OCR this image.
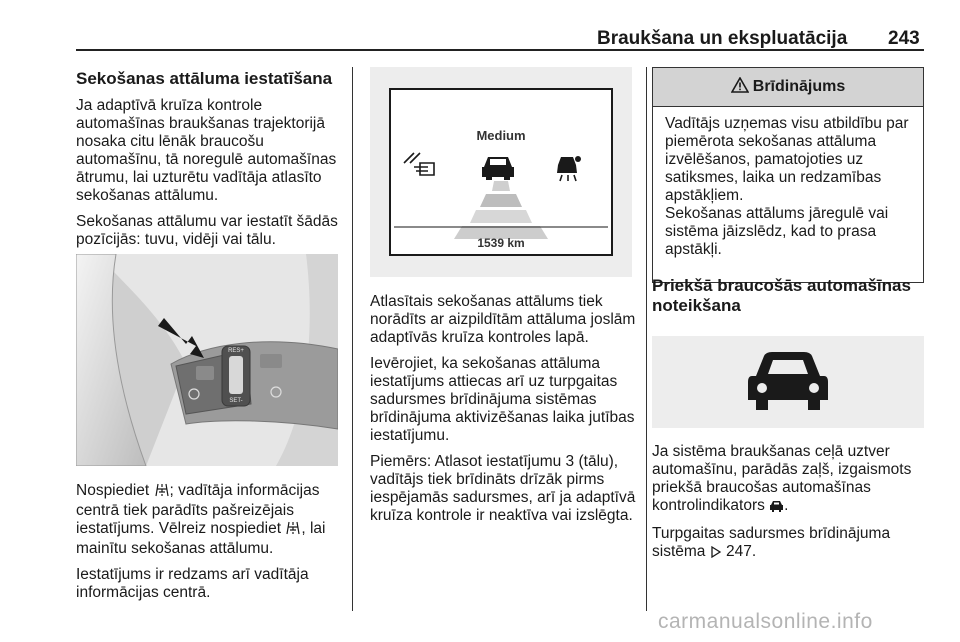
Braukšana un ekspluatācija 243
Sekošanas attāluma iestatīšana

Ja adaptīvā kruīza kontrole automašīnas braukšanas trajektorijā nosaka citu lēnāk braucošu automašīnu, tā noregulē automašīnas ātrumu, lai uzturētu vadītāja atlasīto sekošanas attālumu.

Sekošanas attālumu var iestatīt šādās pozīcijās: tuvu, vidēji vai tālu.

RES+
SET-

Nospiediet ; vadītāja informācijas centrā tiek parādīts pašreizējais iestatījums. Vēlreiz nospiediet , lai mainītu sekošanas attālumu.

Iestatījums ir redzams arī vadītāja informācijas centrā.

Medium
1539 km

Atlasītais sekošanas attālums tiek norādīts ar aizpildītām attāluma joslām adaptīvās kruīza kontroles lapā.

Ievērojiet, ka sekošanas attāluma iestatījums attiecas arī uz turpgaitas sadursmes brīdinājuma sistēmas brīdinājuma aktivizēšanas laika jutības iestatījumu.

Piemērs: Atlasot iestatījumu 3 (tālu), vadītājs tiek brīdināts drīzāk pirms iespējamās sadursmes, arī ja adaptīvā kruīza kontrole ir neaktīva vai izslēgta.

Brīdinājums

Vadītājs uzņemas visu atbildību par piemērota sekošanas attāluma izvēlēšanos, pamatojoties uz satiksmes, laika un redzamības apstākļiem.

Sekošanas attālums jāregulē vai sistēma jāizslēdz, kad to prasa apstākļi.

Priekšā braucošās automašīnas noteikšana

Ja sistēma braukšanas ceļā uztver automašīnu, parādās zaļš, izgaismots priekšā braucošas automašīnas kontrolindikators .

Turpgaitas sadursmes brīdinājuma sistēma  247.

carmanualsonline.info
